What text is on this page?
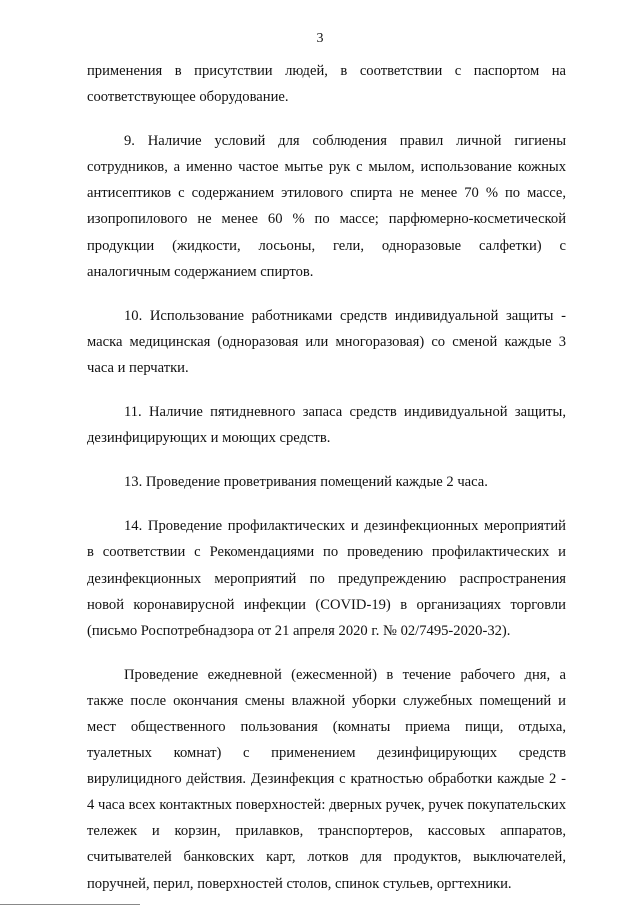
3

применения в присутствии людей, в соответствии с паспортом на соответствующее оборудование.

9. Наличие условий для соблюдения правил личной гигиены сотрудников, а именно частое мытье рук с мылом, использование кожных антисептиков с содержанием этилового спирта не менее 70 % по массе, изопропилового не менее 60 % по массе; парфюмерно-косметической продукции (жидкости, лосьоны, гели, одноразовые салфетки) с аналогичным содержанием спиртов.

10. Использование работниками средств индивидуальной защиты - маска медицинская (одноразовая или многоразовая) со сменой каждые 3 часа и перчатки.

11. Наличие пятидневного запаса средств индивидуальной защиты, дезинфицирующих и моющих средств.

13. Проведение проветривания помещений каждые 2 часа.

14. Проведение профилактических и дезинфекционных мероприятий в соответствии с Рекомендациями по проведению профилактических и дезинфекционных мероприятий по предупреждению распространения новой коронавирусной инфекции (COVID-19) в организациях торговли (письмо Роспотребнадзора от 21 апреля 2020 г. № 02/7495-2020-32).

Проведение ежедневной (ежесменной) в течение рабочего дня, а также после окончания смены влажной уборки служебных помещений и мест общественного пользования (комнаты приема пищи, отдыха, туалетных комнат) с применением дезинфицирующих средств вирулицидного действия. Дезинфекция с кратностью обработки каждые 2 - 4 часа всех контактных поверхностей: дверных ручек, ручек покупательских тележек и корзин, прилавков, транспортеров, кассовых аппаратов, считывателей банковских карт, лотков для продуктов, выключателей, поручней, перил, поверхностей столов, спинок стульев, оргтехники.
